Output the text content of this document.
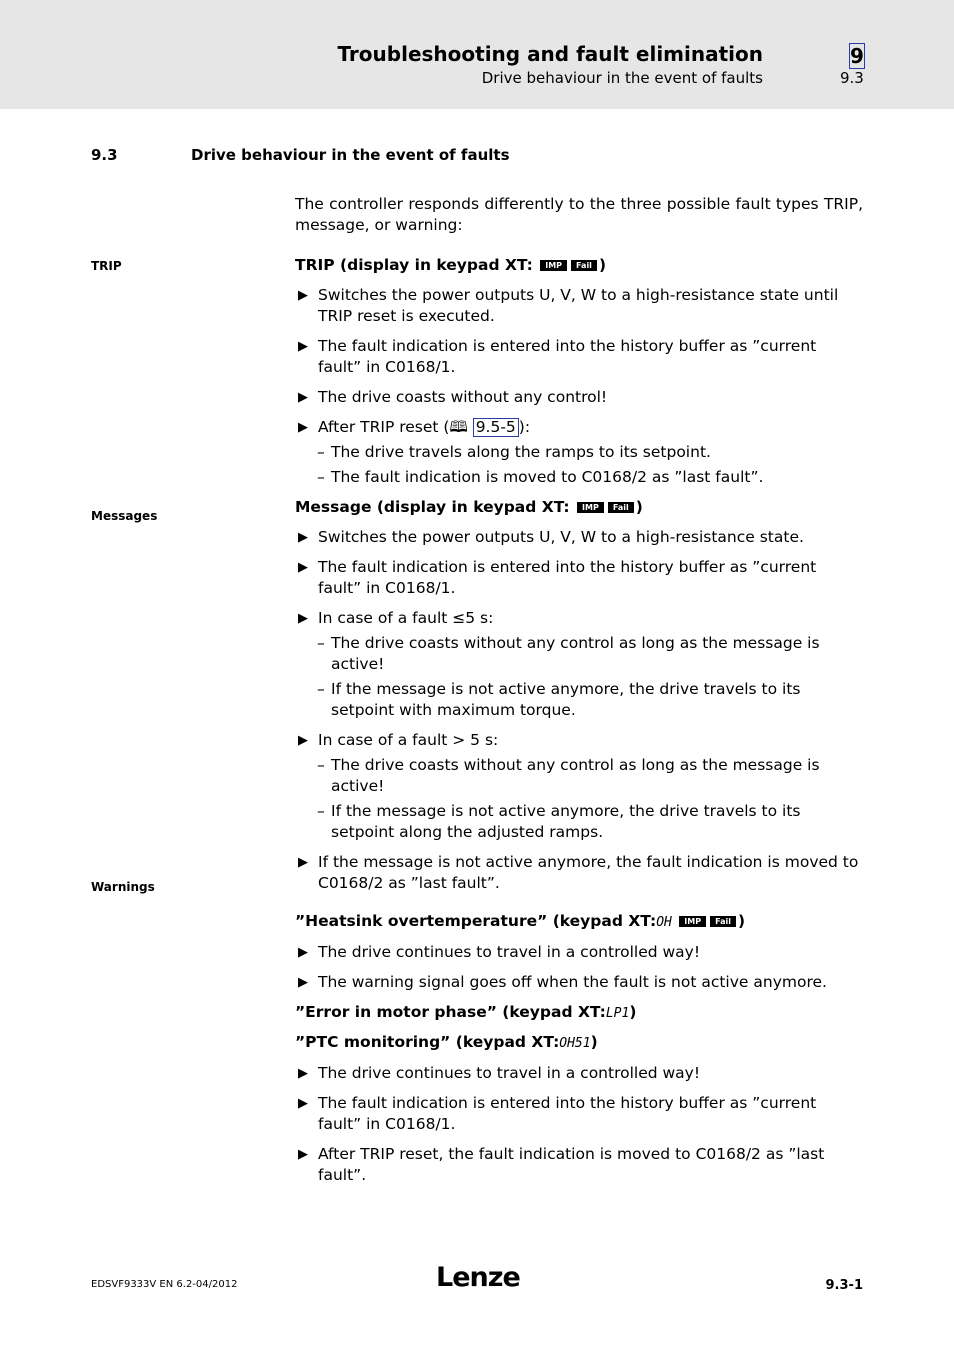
Troubleshooting and fault elimination
Drive behaviour in the event of faults
9
9.3
9.3	Drive behaviour in the event of faults
TRIP
Messages
Warnings

The controller responds differently to the three possible fault types TRIP, message, or warning:

TRIP (display in keypad XT: IMP Fail )
▶ Switches the power outputs U, V, W to a high-resistance state until TRIP reset is executed.
▶ The fault indication is entered into the history buffer as ”current fault” in C0168/1.
▶ The drive coasts without any control!
▶ After TRIP reset (🕮 9.5-5 ):
– The drive travels along the ramps to its setpoint.
– The fault indication is moved to C0168/2 as ”last fault”.
Message (display in keypad XT: IMP Fail )
▶ Switches the power outputs U, V, W to a high-resistance state.
▶ The fault indication is entered into the history buffer as ”current fault” in C0168/1.
▶ In case of a fault ≤5 s:
– The drive coasts without any control as long as the message is active!
– If the message is not active anymore, the drive travels to its setpoint with maximum torque.
▶ In case of a fault > 5 s:
– The drive coasts without any control as long as the message is active!
– If the message is not active anymore, the drive travels to its setpoint along the adjusted ramps.
▶ If the message is not active anymore, the fault indication is moved to C0168/2 as ”last fault”.
”Heatsink overtemperature” (keypad XT:OH IMP Fail )
▶ The drive continues to travel in a controlled way!
▶ The warning signal goes off when the fault is not active anymore.
”Error in motor phase” (keypad XT:LP1)
”PTC monitoring” (keypad XT:OH51)
▶ The drive continues to travel in a controlled way!
▶ The fault indication is entered into the history buffer as ”current fault” in C0168/1.
▶ After TRIP reset, the fault indication is moved to C0168/2 as ”last fault”.
EDSVF9333V EN 6.2-04/2012	Lenze	9.3-1
